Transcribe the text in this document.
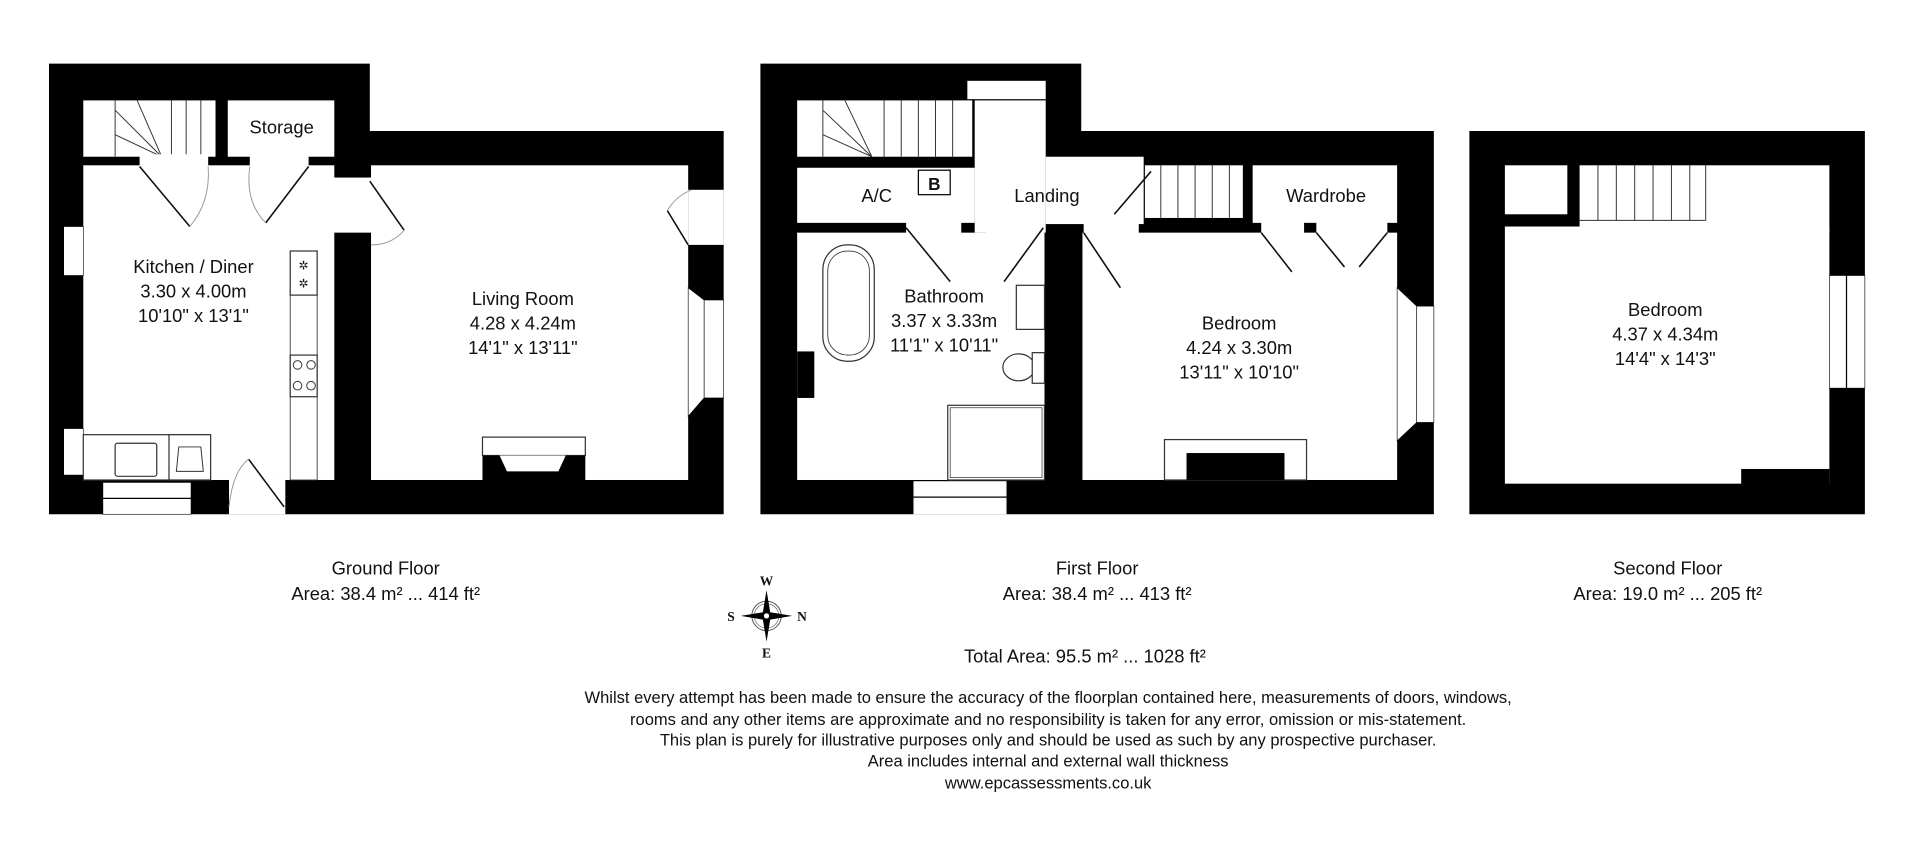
✲
✲
Storage
Kitchen / Diner
3.30 x 4.00m
10'10" x 13'1"
Living Room
4.28 x 4.24m
14'1" x 13'11"
B
A/C	Landing	Wardrobe
Bathroom
3.37 x 3.33m
11'1" x 10'11"
Bedroom
4.24 x 3.30m
13'11" x 10'10"
Bedroom
4.37 x 4.34m
14'4" x 14'3"
Ground Floor
Area: 38.4 m² ... 414 ft²
First Floor
Area: 38.4 m² ... 413 ft²
Second Floor
Area: 19.0 m² ... 205 ft²
W
S	N
E	Total Area: 95.5 m² ... 1028 ft²
Whilst every attempt has been made to ensure the accuracy of the floorplan contained here, measurements of doors, windows,
rooms and any other items are approximate and no responsibility is taken for any error, omission or mis-statement.
This plan is purely for illustrative purposes only and should be used as such by any prospective purchaser.
Area includes internal and external wall thickness
www.epcassessments.co.uk
